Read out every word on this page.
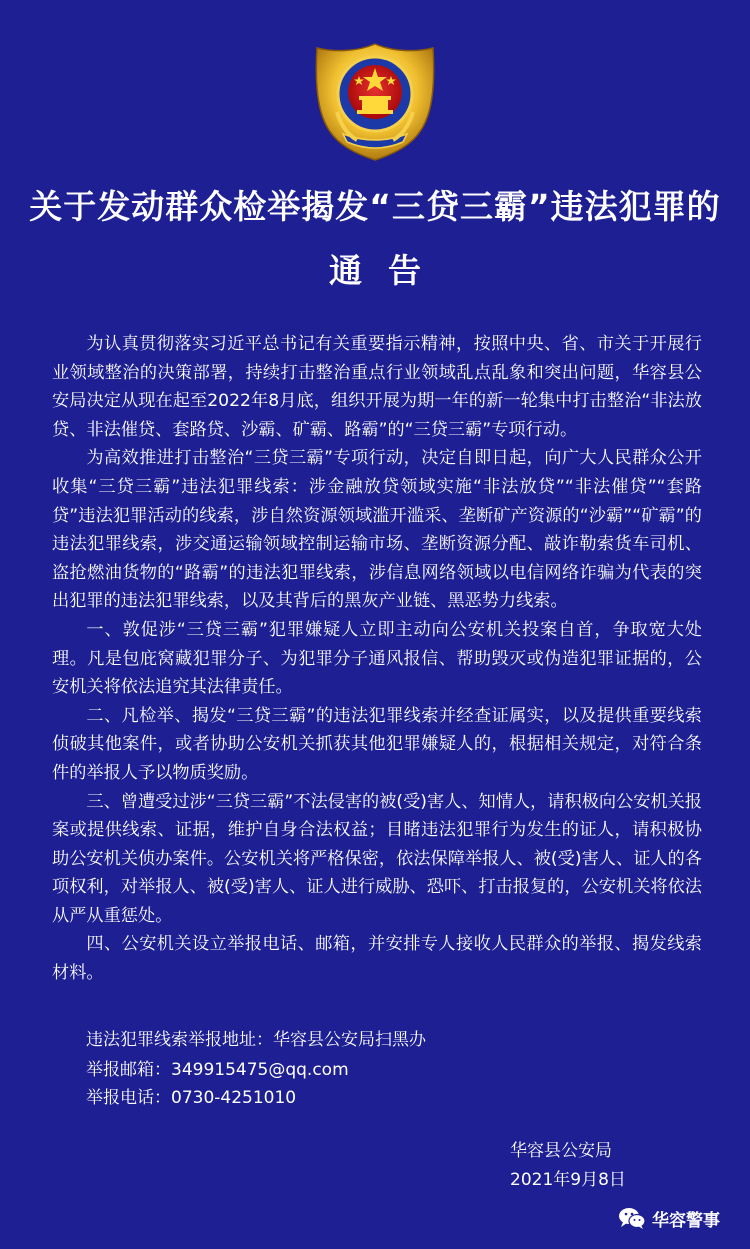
关于发动群众检举揭发“三贷三霸”违法犯罪的
通告

为认真贯彻落实习近平总书记有关重要指示精神，按照中央、省、市关于开展行业领域整治的决策部署，持续打击整治重点行业领域乱点乱象和突出问题，华容县公安局决定从现在起至2022年8月底，组织开展为期一年的新一轮集中打击整治“非法放贷、非法催贷、套路贷、沙霸、矿霸、路霸”的“三贷三霸”专项行动。

为高效推进打击整治“三贷三霸”专项行动，决定自即日起，向广大人民群众公开收集“三贷三霸”违法犯罪线索：涉金融放贷领域实施“非法放贷”“非法催贷”“套路贷”违法犯罪活动的线索，涉自然资源领域滥开滥采、垄断矿产资源的“沙霸”“矿霸”的违法犯罪线索，涉交通运输领域控制运输市场、垄断资源分配、敲诈勒索货车司机、盗抢燃油货物的“路霸”的违法犯罪线索，涉信息网络领域以电信网络诈骗为代表的突出犯罪的违法犯罪线索，以及其背后的黑灰产业链、黑恶势力线索。

一、敦促涉“三贷三霸”犯罪嫌疑人立即主动向公安机关投案自首，争取宽大处理。凡是包庇窝藏犯罪分子、为犯罪分子通风报信、帮助毁灭或伪造犯罪证据的，公安机关将依法追究其法律责任。

二、凡检举、揭发“三贷三霸”的违法犯罪线索并经查证属实，以及提供重要线索侦破其他案件，或者协助公安机关抓获其他犯罪嫌疑人的，根据相关规定，对符合条件的举报人予以物质奖励。

三、曾遭受过涉“三贷三霸”不法侵害的被(受)害人、知情人，请积极向公安机关报案或提供线索、证据，维护自身合法权益；目睹违法犯罪行为发生的证人，请积极协助公安机关侦办案件。公安机关将严格保密，依法保障举报人、被(受)害人、证人的各项权利，对举报人、被(受)害人、证人进行威胁、恐吓、打击报复的，公安机关将依法从严从重惩处。

四、公安机关设立举报电话、邮箱，并安排专人接收人民群众的举报、揭发线索材料。

违法犯罪线索举报地址：华容县公安局扫黑办
举报邮箱：349915475@qq.com
举报电话：0730-4251010
华容县公安局
2021年9月8日
华容警事
